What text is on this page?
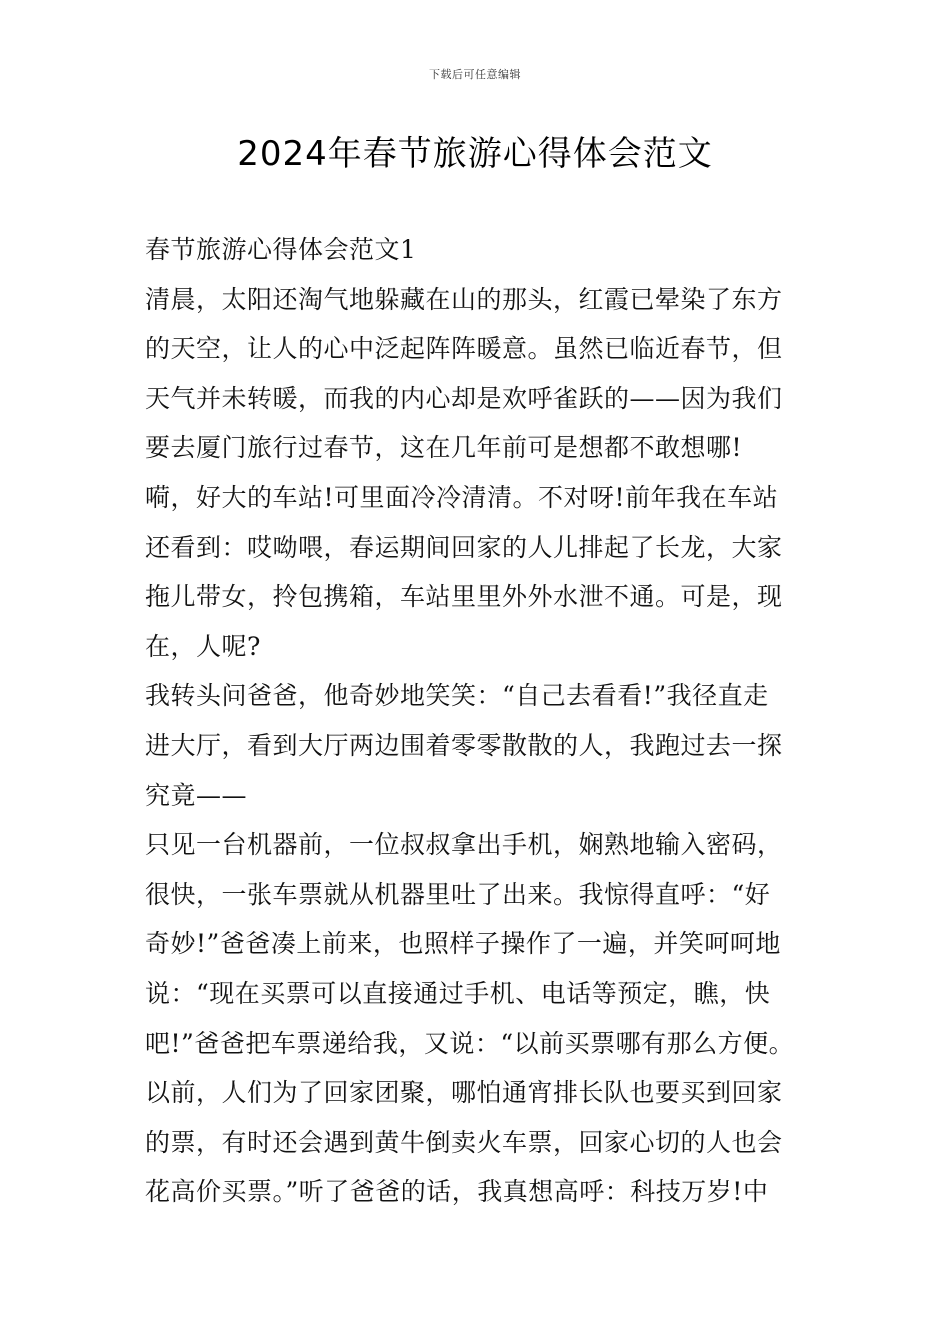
下载后可任意编辑
2024年春节旅游心得体会范文
春节旅游心得体会范文1
清晨，太阳还淘气地躲藏在山的那头，红霞已晕染了东方
的天空，让人的心中泛起阵阵暖意。虽然已临近春节，但
天气并未转暖，而我的内心却是欢呼雀跃的——因为我们
要去厦门旅行过春节，这在几年前可是想都不敢想哪!
嗬，好大的车站!可里面冷冷清清。不对呀!前年我在车站
还看到：哎呦喂，春运期间回家的人儿排起了长龙，大家
拖儿带女，拎包携箱，车站里里外外水泄不通。可是，现
在，人呢?
我转头问爸爸，他奇妙地笑笑：“自己去看看!”我径直走
进大厅，看到大厅两边围着零零散散的人，我跑过去一探
究竟——
只见一台机器前，一位叔叔拿出手机，娴熟地输入密码，
很快，一张车票就从机器里吐了出来。我惊得直呼：“好
奇妙!”爸爸凑上前来，也照样子操作了一遍，并笑呵呵地
说：“现在买票可以直接通过手机、电话等预定，瞧，快
吧!”爸爸把车票递给我，又说：“以前买票哪有那么方便。
以前，人们为了回家团聚，哪怕通宵排长队也要买到回家
的票，有时还会遇到黄牛倒卖火车票，回家心切的人也会
花高价买票。”听了爸爸的话，我真想高呼：科技万岁!中
